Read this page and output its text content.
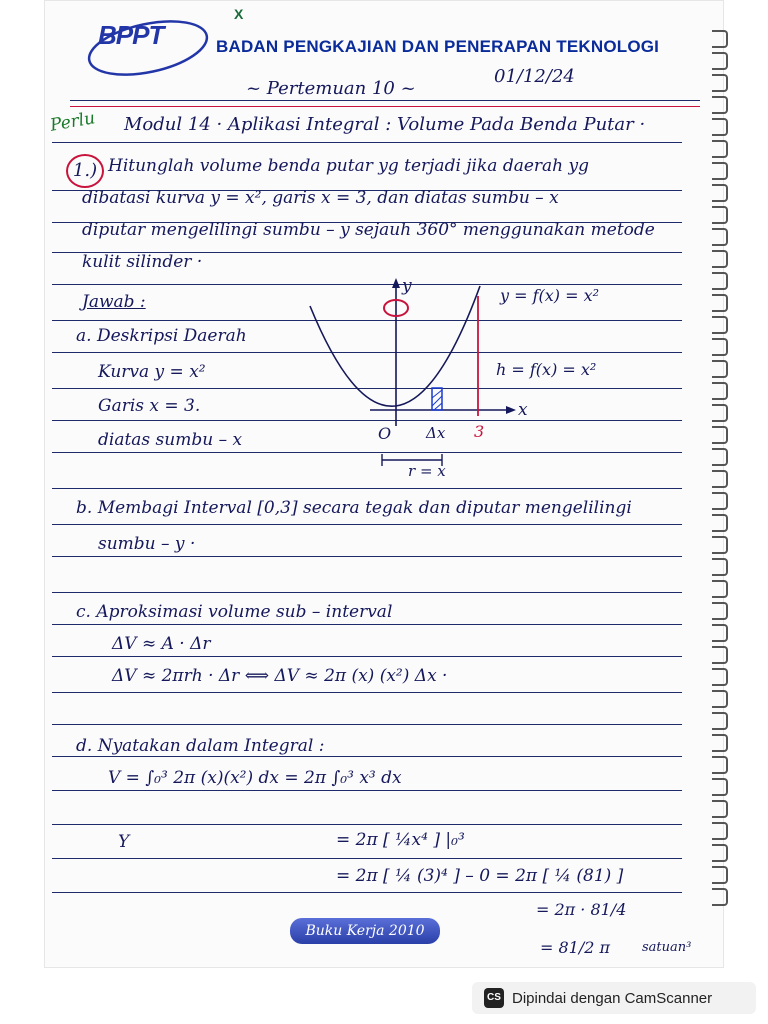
BPPT
X
BADAN PENGKAJIAN DAN PENERAPAN TEKNOLOGI
~ Pertemuan 10 ~
01/12/24
Perlu Modul 14 · Aplikasi Integral : Volume Pada Benda Putar ·
1.) Hitunglah volume benda putar yg terjadi jika daerah yg
dibatasi kurva y = x², garis x = 3, dan diatas sumbu – x
diputar mengelilingi sumbu – y sejauh 360° menggunakan metode
kulit silinder ·
Jawab :
a. Deskripsi Daerah
Kurva y = x²
Garis x = 3.
diatas sumbu – x
y
x
O	3
Δx
r = x
y = f(x) = x²
h = f(x) = x²
b. Membagi Interval [0,3] secara tegak dan diputar mengelilingi
sumbu – y ·
c. Aproksimasi volume sub – interval
ΔV ≈ A · Δr
ΔV ≈ 2πrh · Δr ⟺ ΔV ≈ 2π (x) (x²) Δx ·
d. Nyatakan dalam Integral :
V = ∫₀³ 2π (x)(x²) dx = 2π ∫₀³ x³ dx
Y	= 2π [ ¼x⁴ ] |₀³
= 2π [ ¼ (3)⁴ ] – 0 = 2π [ ¼ (81) ]
= 2π · 81/4
= 81/2 π satuan³
Buku Kerja 2010
CS Dipindai dengan CamScanner
